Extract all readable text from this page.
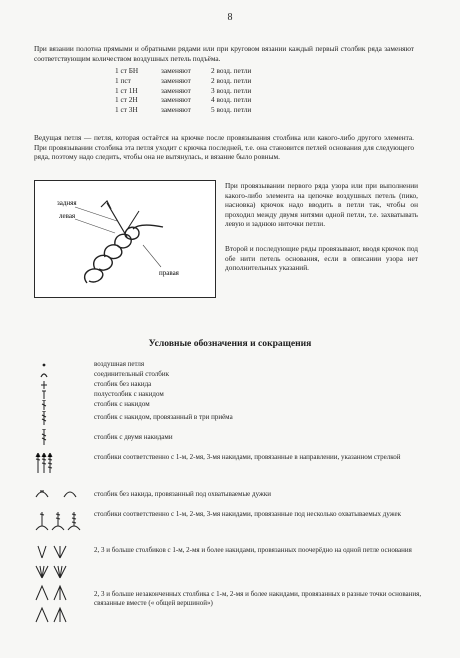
8
При вязании полотна прямыми и обратными рядами или при круговом вязании каждый первый столбик ряда заменяют соответствующим количеством воздушных петель подъёма.
1 ст БН	заменяют	2 возд. петли
1 пст	заменяют	2 возд. петли
1 ст 1Н	заменяют	3 возд. петли
1 ст 2Н	заменяют	4 возд. петли
1 ст 3Н	заменяют	5 возд. петли
Ведущая петля — петля, которая остаётся на крючке после провязывания столбика или какого-либо другого элемента. При провязывании столбика эта петля уходит с крючка последней, т.е. она становится петлей основания для следующего ряда, поэтому надо следить, чтобы она не вытянулась, и вязание было ровным.
задняя
левая
правая
При провязывании первого ряда узора или при выполнении какого-либо элемента на цепочке воздушных петель (пико, насновка) крючок надо вводить в петли так, чтобы он проходил между двумя нитями одной петли, т.е. захватывать левую и заднюю ниточки петли.
Второй и последующие ряды провязывают, вводя крючок под обе нити петель основания, если в описании узора нет дополнительных указаний.
Условные обозначения и сокращения
воздушная петля
соединительный столбик
столбик без накида
полустолбик с накидом
столбик с накидом
столбик с накидом, провязанный в три приёма
столбик с двумя накидами
столбики соответственно с 1-м, 2-мя, 3-мя накидами, провязанные в направлении, указанном стрелкой
столбик без накида, провязанный под охватываемые дужки
столбики соответственно с 1-м, 2-мя, 3-мя накидами, провязанные под несколько охватываемых дужек
2, 3 и больше столбиков с 1-м, 2-мя и более накидами, провязанных поочерёдно на одной петле основания
2, 3 и больше незаконченных столбика с 1-м, 2-мя и более накидами, провязанных в разные точки основания, связанные вместе (« общей вершиной»)
